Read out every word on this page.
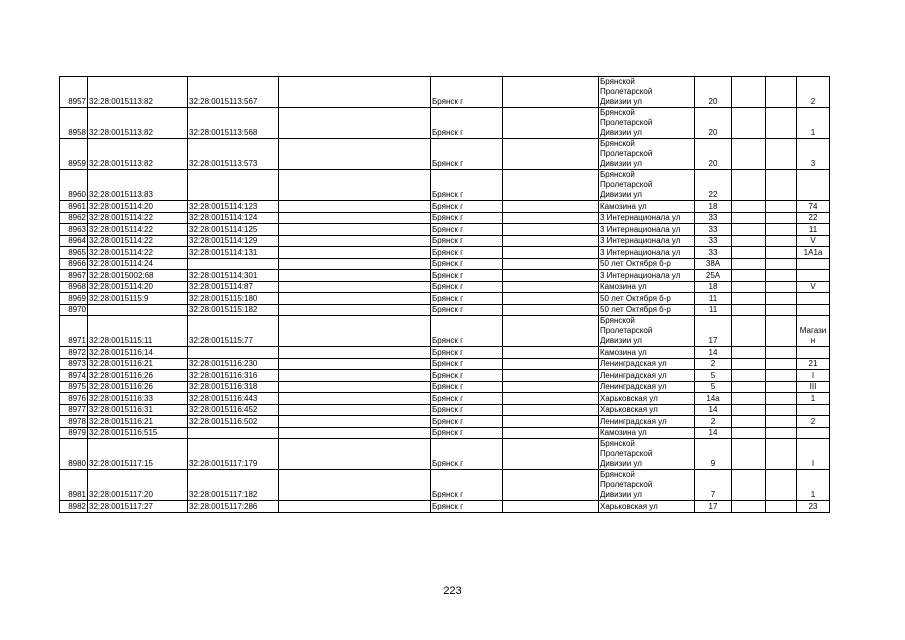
8957	32:28:0015113:82	32:28:0015113:567		Брянск г		Брянской
Пролетарской
Дивизии ул	20			2
8958	32:28:0015113:82	32:28:0015113:568		Брянск г		Брянской
Пролетарской
Дивизии ул	20			1
8959	32:28:0015113:82	32:28:0015113:573		Брянск г		Брянской
Пролетарской
Дивизии ул	20			3
8960	32:28:0015113:83			Брянск г		Брянской
Пролетарской
Дивизии ул	22			
8961	32:28:0015114:20	32:28:0015114:123		Брянск г		Камозина ул	18			74
8962	32:28:0015114:22	32:28:0015114:124		Брянск г		3 Интернационала ул	33			22
8963	32:28:0015114:22	32:28:0015114:125		Брянск г		3 Интернационала ул	33			11
8964	32:28:0015114:22	32:28:0015114:129		Брянск г		3 Интернационала ул	33			V
8965	32:28:0015114:22	32:28:0015114:131		Брянск г		3 Интернационала ул	33			1А1а
8966	32:28:0015114:24			Брянск г		50 лет Октября б-р	38А			
8967	32:28:0015002:68	32:28:0015114:301		Брянск г		3 Интернационала ул	25А			
8968	32:28:0015114:20	32:28:0015114:87		Брянск г		Камозина ул	18			V
8969	32:28:0015115:9	32:28:0015115:180		Брянск г		50 лет Октября б-р	11			
8970		32:28:0015115:182		Брянск г		50 лет Октября б-р	11			
8971	32:28:0015115:11	32:28:0015115:77		Брянск г		Брянской
Пролетарской
Дивизии ул	17			Магази
н
8972	32:28:0015116:14			Брянск г		Камозина ул	14			
8973	32:28:0015116:21	32:28:0015116:230		Брянск г		Ленинградская ул	2			21
8974	32:28:0015116:26	32:28:0015116:316		Брянск г		Ленинградская ул	5			I
8975	32:28:0015116:26	32:28:0015116:318		Брянск г		Ленинградская ул	5			III
8976	32:28:0015116:33	32:28:0015116:443		Брянск г		Харьковская ул	14а			1
8977	32:28:0015116:31	32:28:0015116:452		Брянск г		Харьковская ул	14			
8978	32:28:0015116:21	32:28:0015116:502		Брянск г		Ленинградская ул	2			2
8979	32:28:0015116:515			Брянск г		Камозина ул	14			
8980	32:28:0015117:15	32:28:0015117:179		Брянск г		Брянской
Пролетарской
Дивизии ул	9			I
8981	32:28:0015117:20	32:28:0015117:182		Брянск г		Брянской
Пролетарской
Дивизии ул	7			1
8982	32:28:0015117:27	32:28:0015117:286		Брянск г		Харьковская ул	17			23
223
